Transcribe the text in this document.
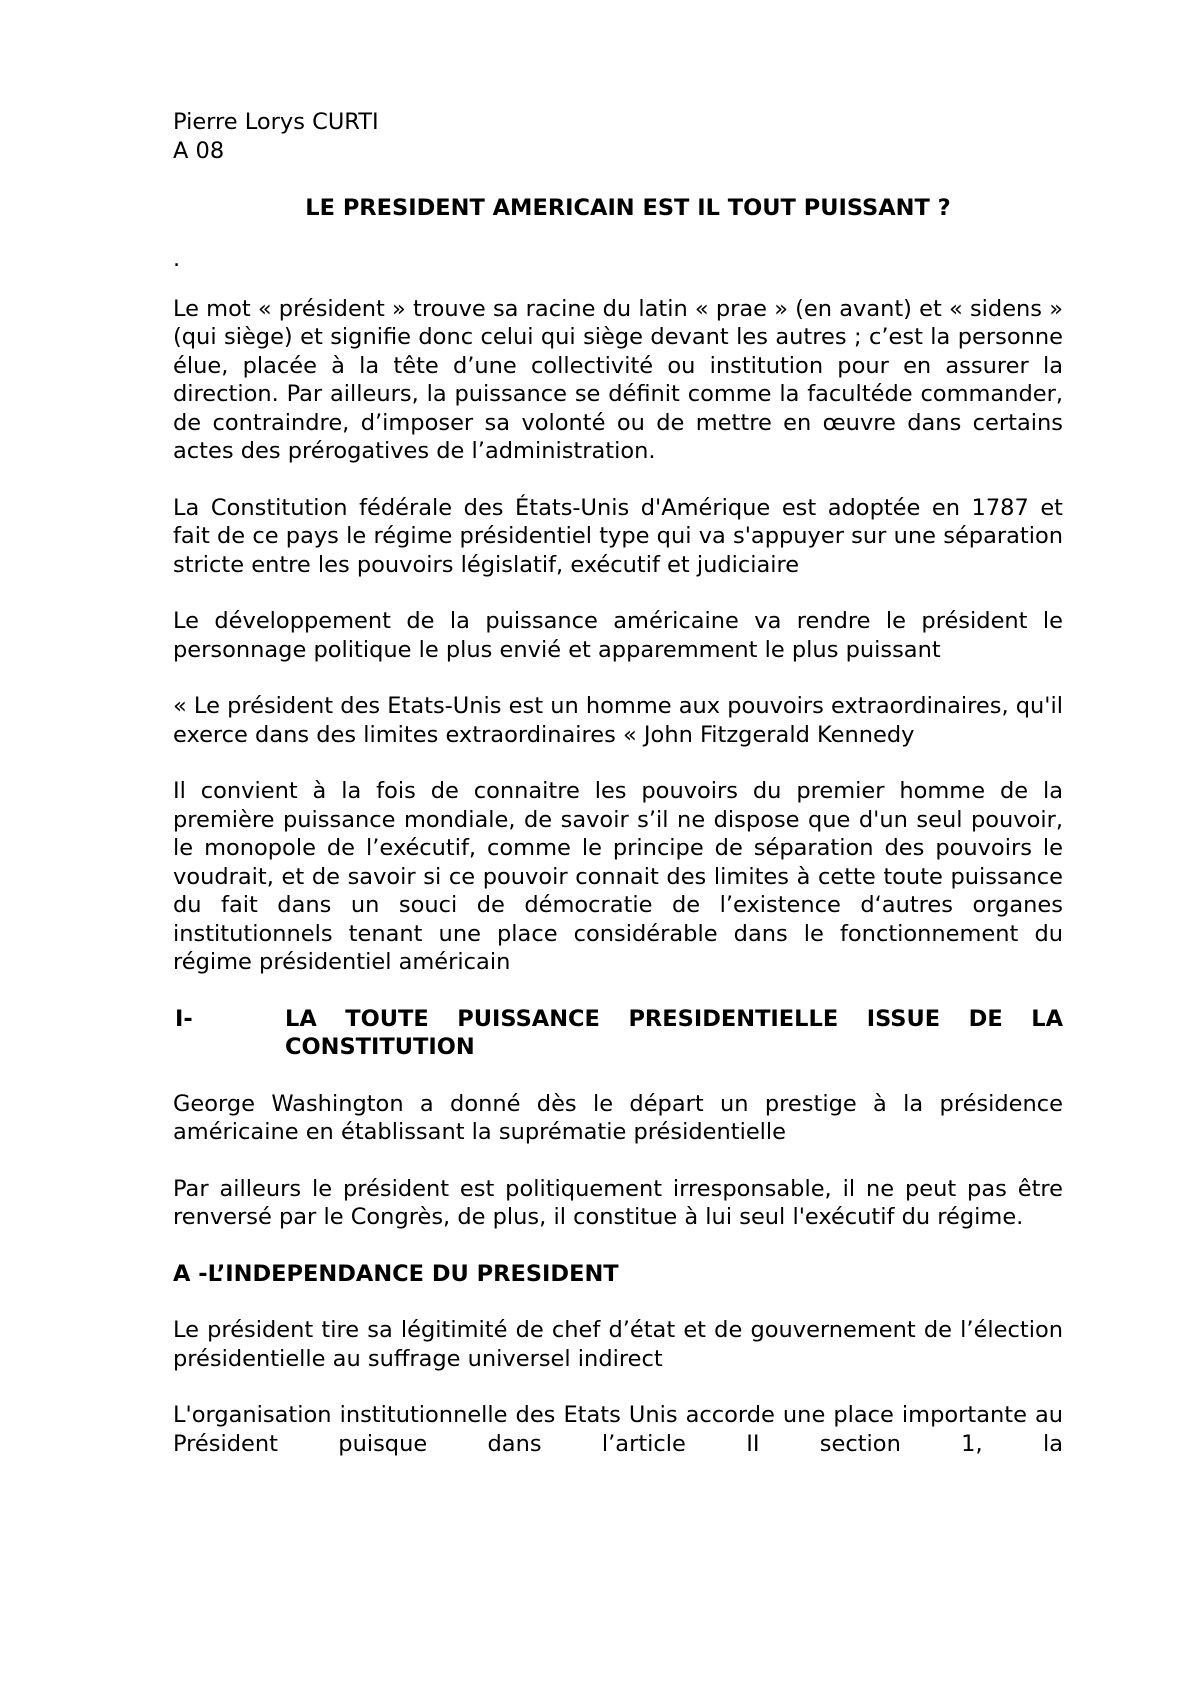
Pierre Lorys CURTI

A 08

LE PRESIDENT AMERICAIN EST IL TOUT PUISSANT ?

.

Le mot « président » trouve sa racine du latin « prae » (en avant) et « sidens » (qui siège) et signifie donc celui qui siège devant les autres ; c’est la personne élue, placée à la tête d’une collectivité ou institution pour en assurer la direction. Par ailleurs, la puissance se définit comme la facultéde commander, de contraindre, d’imposer sa volonté ou de mettre en œuvre dans certains actes des prérogatives de l’administration.

La Constitution fédérale des États-Unis d'Amérique est adoptée en 1787 et fait de ce pays le régime présidentiel type qui va s'appuyer sur une séparation stricte entre les pouvoirs législatif, exécutif et judiciaire

Le développement de la puissance américaine va rendre le président le personnage politique le plus envié et apparemment le plus puissant

« Le président des Etats-Unis est un homme aux pouvoirs extraordinaires, qu'il exerce dans des limites extraordinaires « John Fitzgerald Kennedy

Il convient à la fois de connaitre les pouvoirs du premier homme de la première puissance mondiale, de savoir s’il ne dispose que d'un seul pouvoir, le monopole de l’exécutif, comme le principe de séparation des pouvoirs le voudrait, et de savoir si ce pouvoir connait des limites à cette toute puissance du fait dans un souci de démocratie de l’existence d‘autres organes institutionnels tenant une place considérable dans le fonctionnement du régime présidentiel américain

I-	LA TOUTE PUISSANCE PRESIDENTIELLE ISSUE DE LA CONSTITUTION

George Washington a donné dès le départ un prestige à la présidence américaine en établissant la suprématie présidentielle

Par ailleurs le président est politiquement irresponsable, il ne peut pas être renversé par le Congrès, de plus, il constitue à lui seul l'exécutif du régime.

A -L’INDEPENDANCE DU PRESIDENT

Le président tire sa légitimité de chef d’état et de gouvernement de l’élection présidentielle au suffrage universel indirect

L'organisation institutionnelle des Etats Unis accorde une place importante au Président puisque dans l’article II section 1, la
